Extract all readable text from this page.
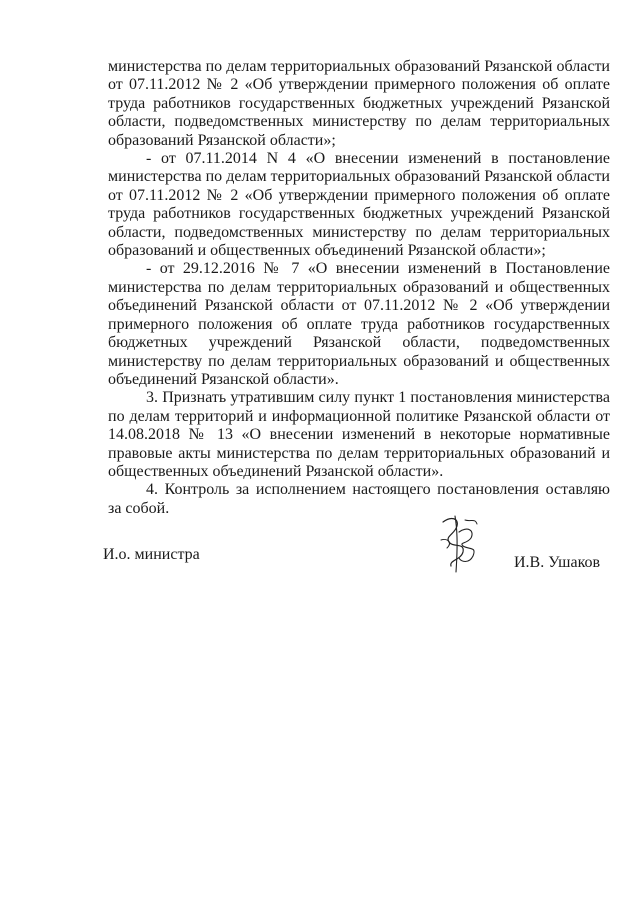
министерства по делам территориальных образований Рязанской области от 07.11.2012 № 2 «Об утверждении примерного положения об оплате труда работников государственных бюджетных учреждений Рязанской области, подведомственных министерству по делам территориальных образований Рязанской области»;

- от 07.11.2014 N 4 «О внесении изменений в постановление министерства по делам территориальных образований Рязанской области от 07.11.2012 № 2 «Об утверждении примерного положения об оплате труда работников государственных бюджетных учреждений Рязанской области, подведомственных министерству по делам территориальных образований и общественных объединений Рязанской области»;

- от 29.12.2016 № 7 «О внесении изменений в Постановление министерства по делам территориальных образований и общественных объединений Рязанской области от 07.11.2012 № 2 «Об утверждении примерного положения об оплате труда работников государственных бюджетных учреждений Рязанской области, подведомственных министерству по делам территориальных образований и общественных объединений Рязанской области».

3. Признать утратившим силу пункт 1 постановления министерства по делам территорий и информационной политике Рязанской области от 14.08.2018 № 13 «О внесении изменений в некоторые нормативные правовые акты министерства по делам территориальных образований и общественных объединений Рязанской области».

4. Контроль за исполнением настоящего постановления оставляю за собой.

И.о. министра	И.В. Ушаков
